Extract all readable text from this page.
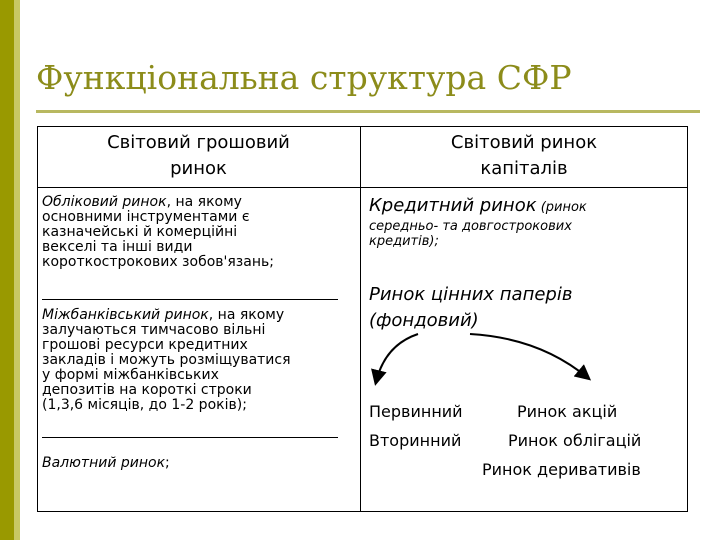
Функціональна структура СФР
Світовий грошовий
ринок
Світовий ринок
капіталів
Обліковий ринок, на якому
основними інструментами є
казначейські й комерційні
векселі та інші види
короткострокових зобов'язань;
Міжбанківський ринок, на якому
залучаються тимчасово вільні
грошові ресурси кредитних
закладів і можуть розміщуватися
у формі міжбанківських
депозитів на короткі строки
(1,3,6 місяців, до 1-2 років);
Валютний ринок;
Кредитний ринок (ринок
середньо- та довгострокових
кредитів);
Ринок цінних паперів
(фондовий)
Первинний
Вторинний
Ринок акцій
Ринок облігацій
Ринок деривативів
